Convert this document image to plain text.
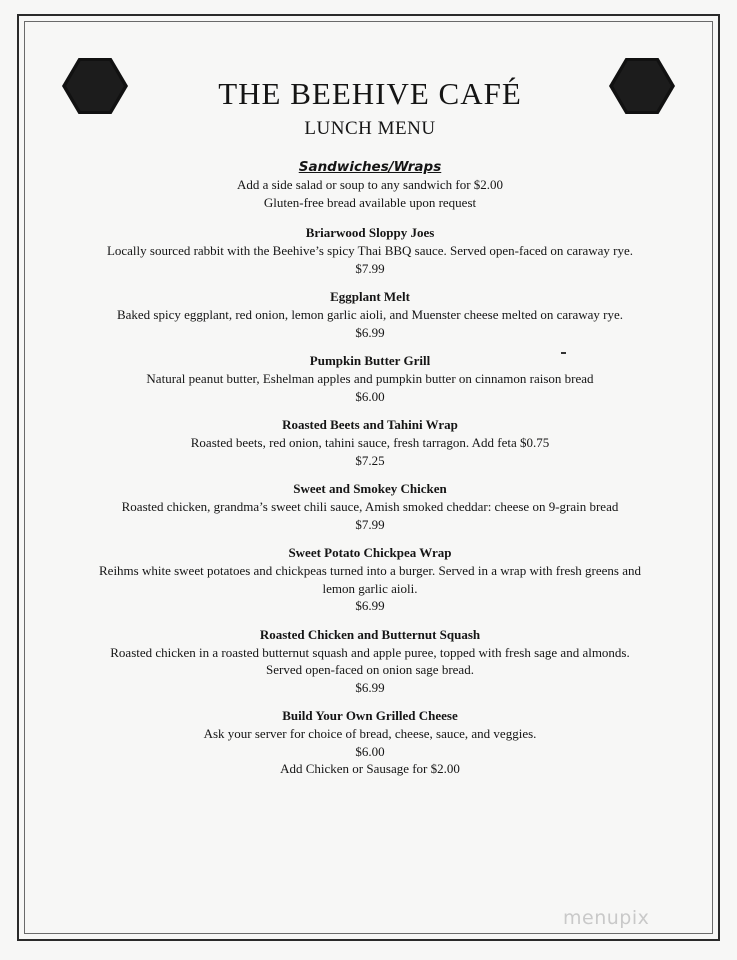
THE BEEHIVE CAFÉ
LUNCH MENU
Sandwiches/Wraps
Add a side salad or soup to any sandwich for $2.00
Gluten-free bread available upon request
Briarwood Sloppy Joes
Locally sourced rabbit with the Beehive’s spicy Thai BBQ sauce. Served open-faced on caraway rye.
$7.99
Eggplant Melt
Baked spicy eggplant, red onion, lemon garlic aioli, and Muenster cheese melted on caraway rye.
$6.99
Pumpkin Butter Grill
Natural peanut butter, Eshelman apples and pumpkin butter on cinnamon raison bread
$6.00
Roasted Beets and Tahini Wrap
Roasted beets, red onion, tahini sauce, fresh tarragon. Add feta $0.75
$7.25
Sweet and Smokey Chicken
Roasted chicken, grandma’s sweet chili sauce, Amish smoked cheddar: cheese on 9-grain bread
$7.99
Sweet Potato Chickpea Wrap
Reihms white sweet potatoes and chickpeas turned into a burger. Served in a wrap with fresh greens and
lemon garlic aioli.
$6.99
Roasted Chicken and Butternut Squash
Roasted chicken in a roasted butternut squash and apple puree, topped with fresh sage and almonds.
Served open-faced on onion sage bread.
$6.99
Build Your Own Grilled Cheese
Ask your server for choice of bread, cheese, sauce, and veggies.
$6.00
Add Chicken or Sausage for $2.00
menupix
